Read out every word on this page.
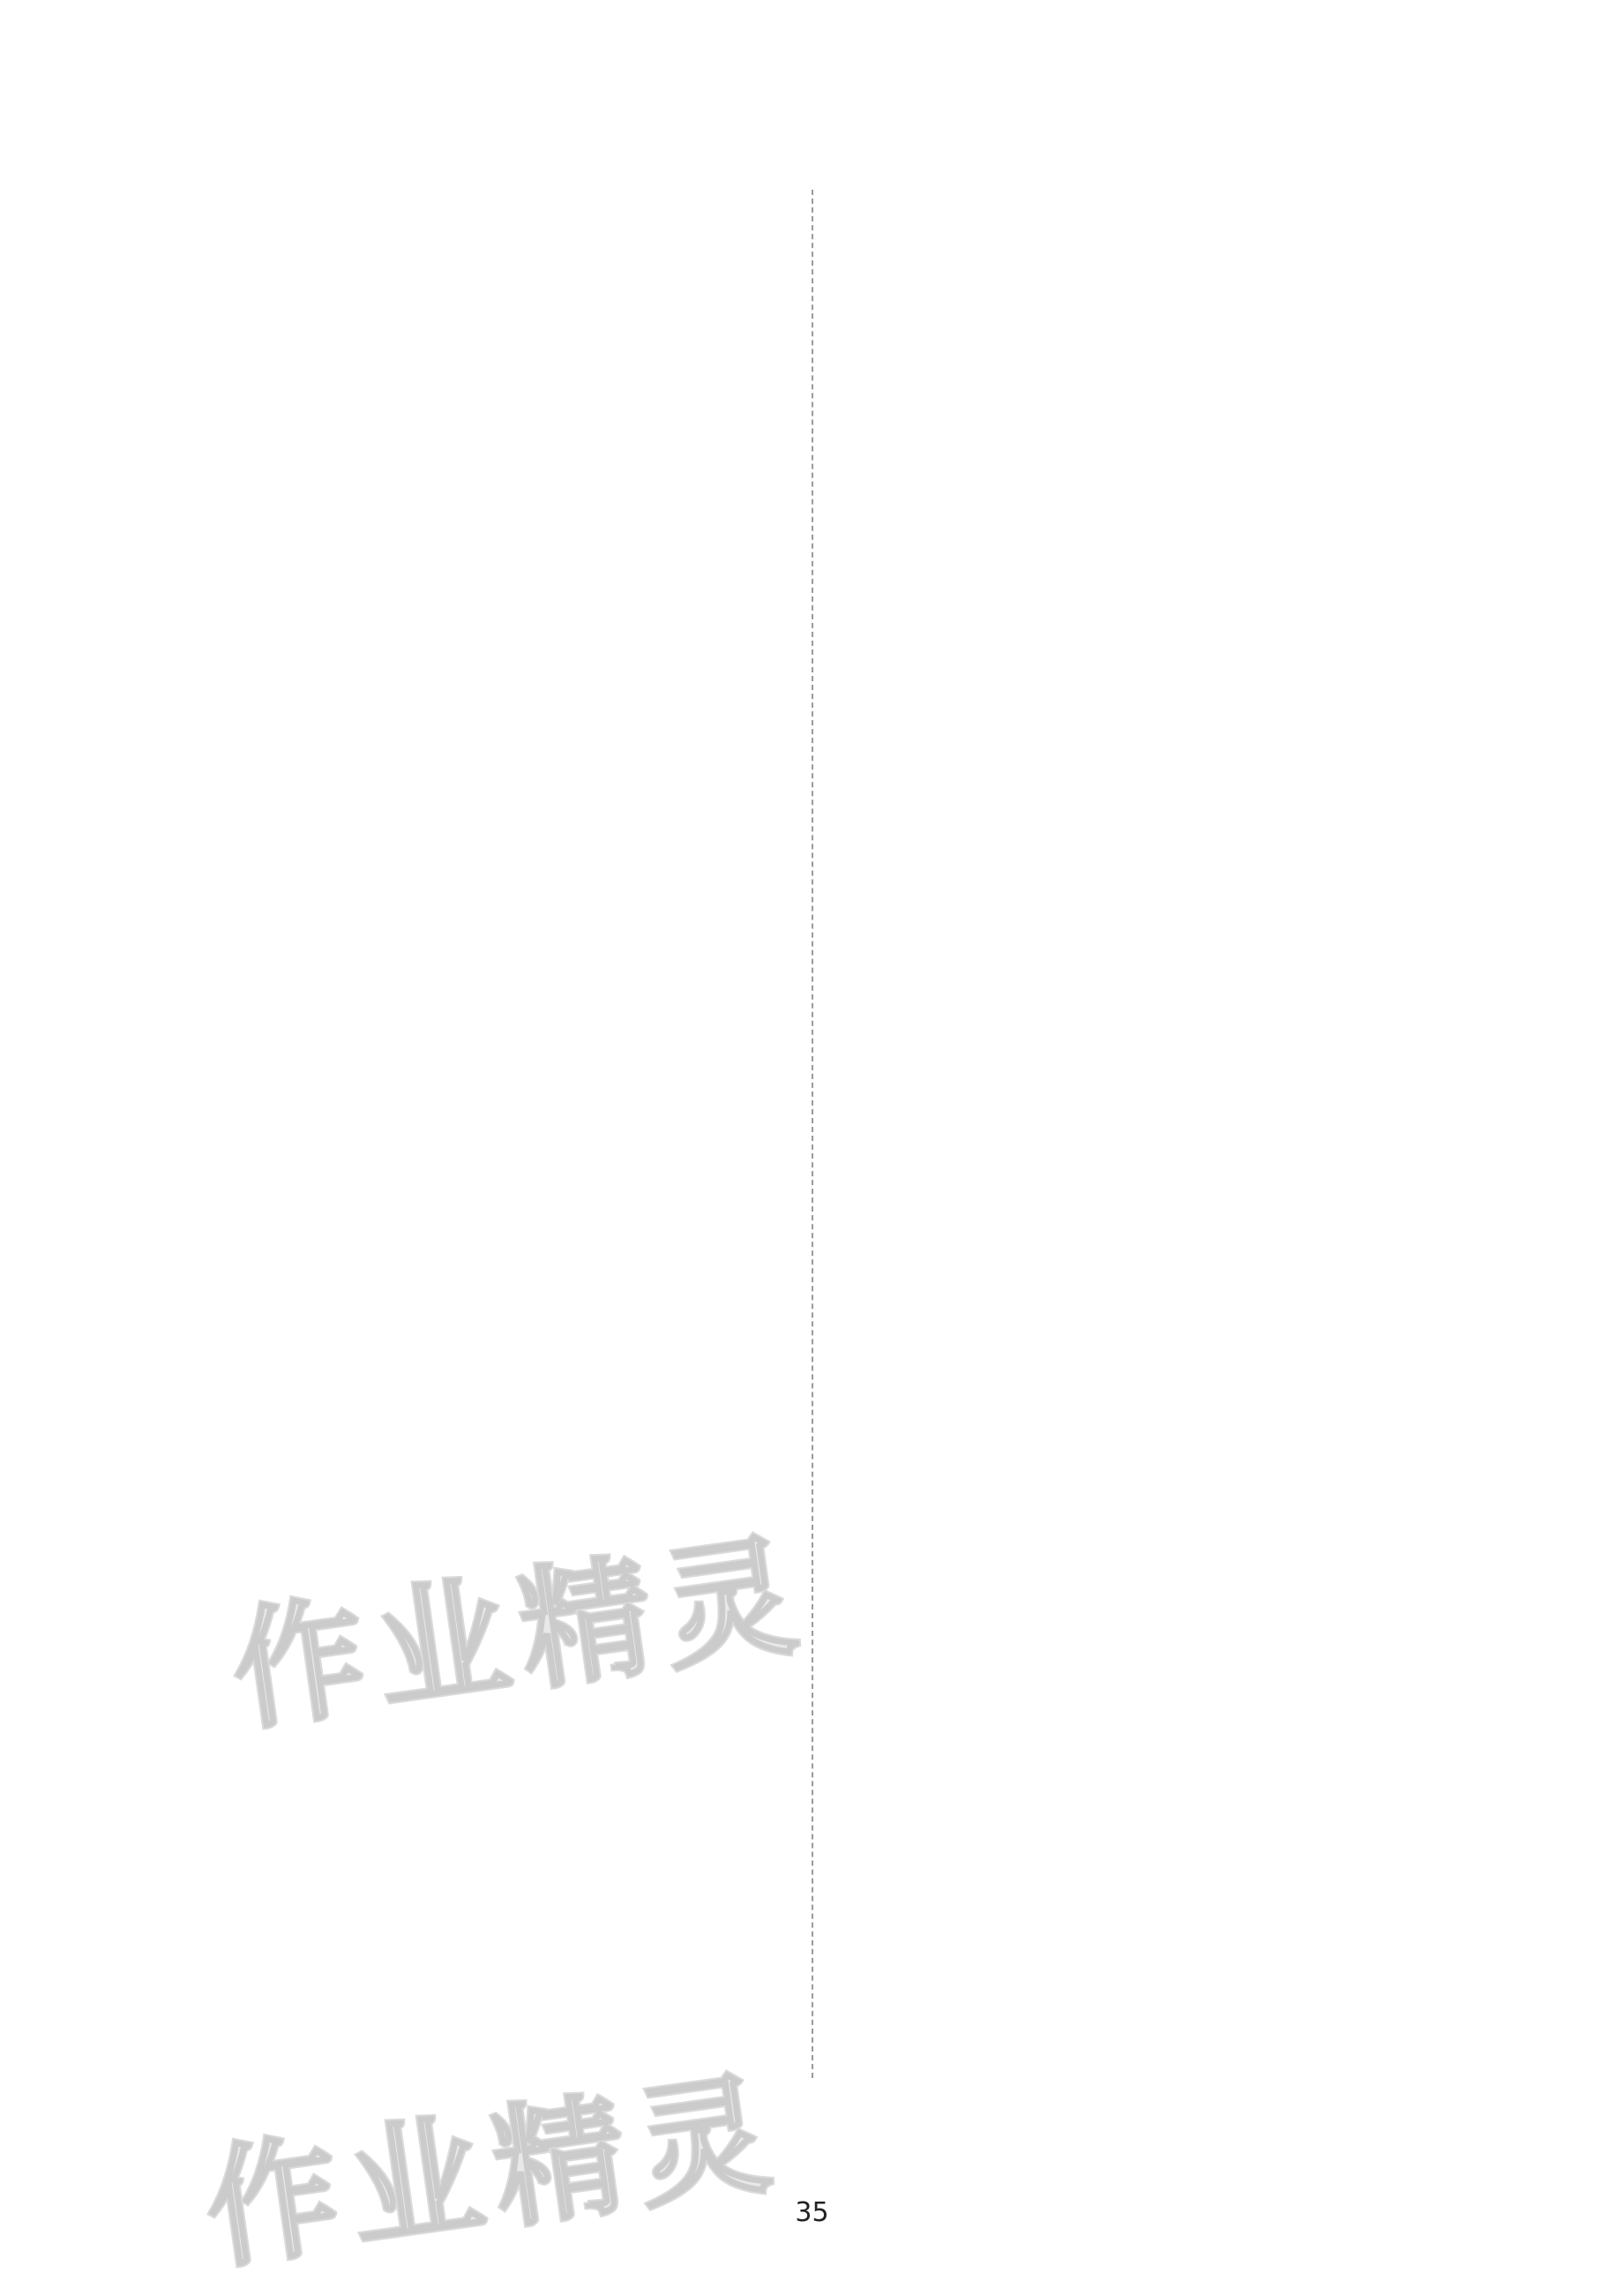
35
作业精灵
作业精灵
